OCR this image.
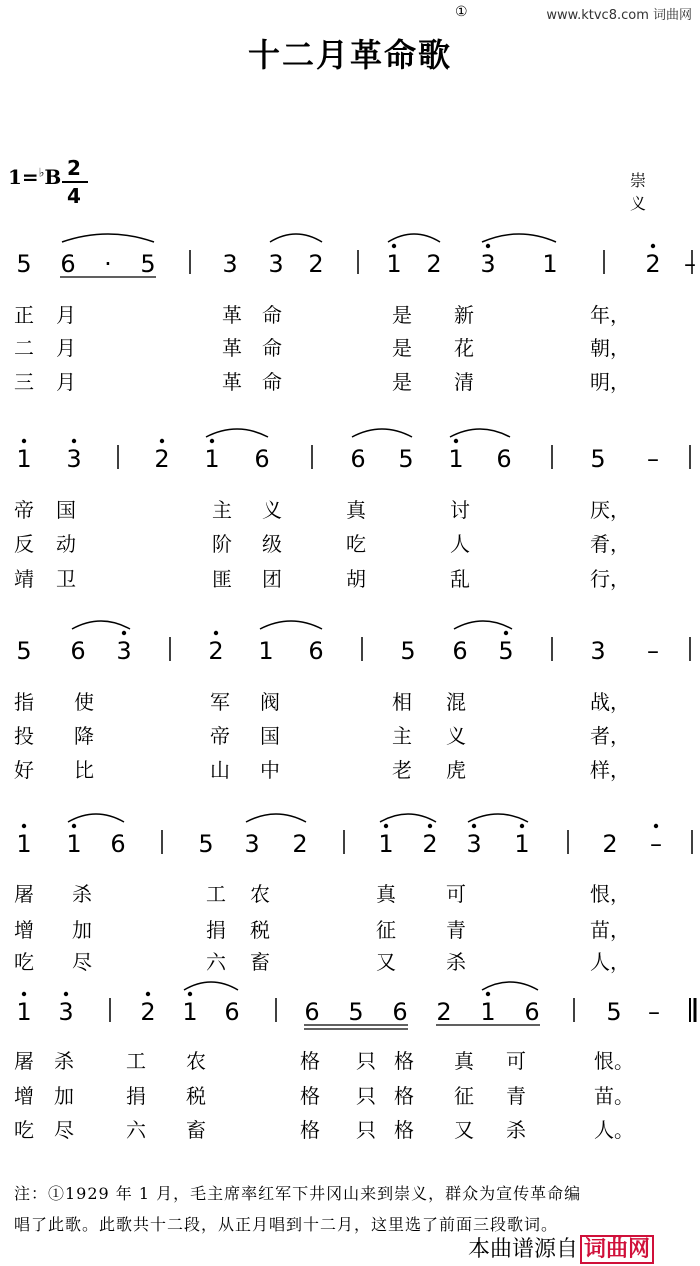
www.ktvc8.com 词曲网
①
十二月革命歌
1=♭B 2
4
崇义
5 6 · 5	3 3 2	1 2 3 1	2 –
1 3	2 1 6	6 5 1 6	5 –
5 6 3	2 1 6	5 6 5	3 –
1 1 6	5 3 2	1 2 3 1	2 –
1 3	2 1 6	6 5 6 2 1 6	5 –
正 月	革 命	是 新	年，
二 月	革 命	是 花	朝，
三 月	革 命	是 清	明，
帝 国	主 义	真	讨	厌，
反 动	阶 级	吃	人	肴，
靖 卫	匪 团	胡	乱	行，
指 使	军 阀	相 混	战，
投 降	帝 国	主 义	者，
好 比	山 中	老 虎	样，
屠 杀	工 农	真	可	恨，
增 加	捐 税	征	青	苗，
吃 尽	六 畜	又	杀	人，
屠 杀	工 农	格 只 格 真 可	恨。
增 加	捐 税	格 只 格 征 青	苗。
吃 尽	六 畜	格 只 格 又 杀	人。
注：①1929 年 1 月，毛主席率红军下井冈山来到崇义，群众为宣传革命编
唱了此歌。此歌共十二段，从正月唱到十二月，这里选了前面三段歌词。
本曲谱源自 词曲网
